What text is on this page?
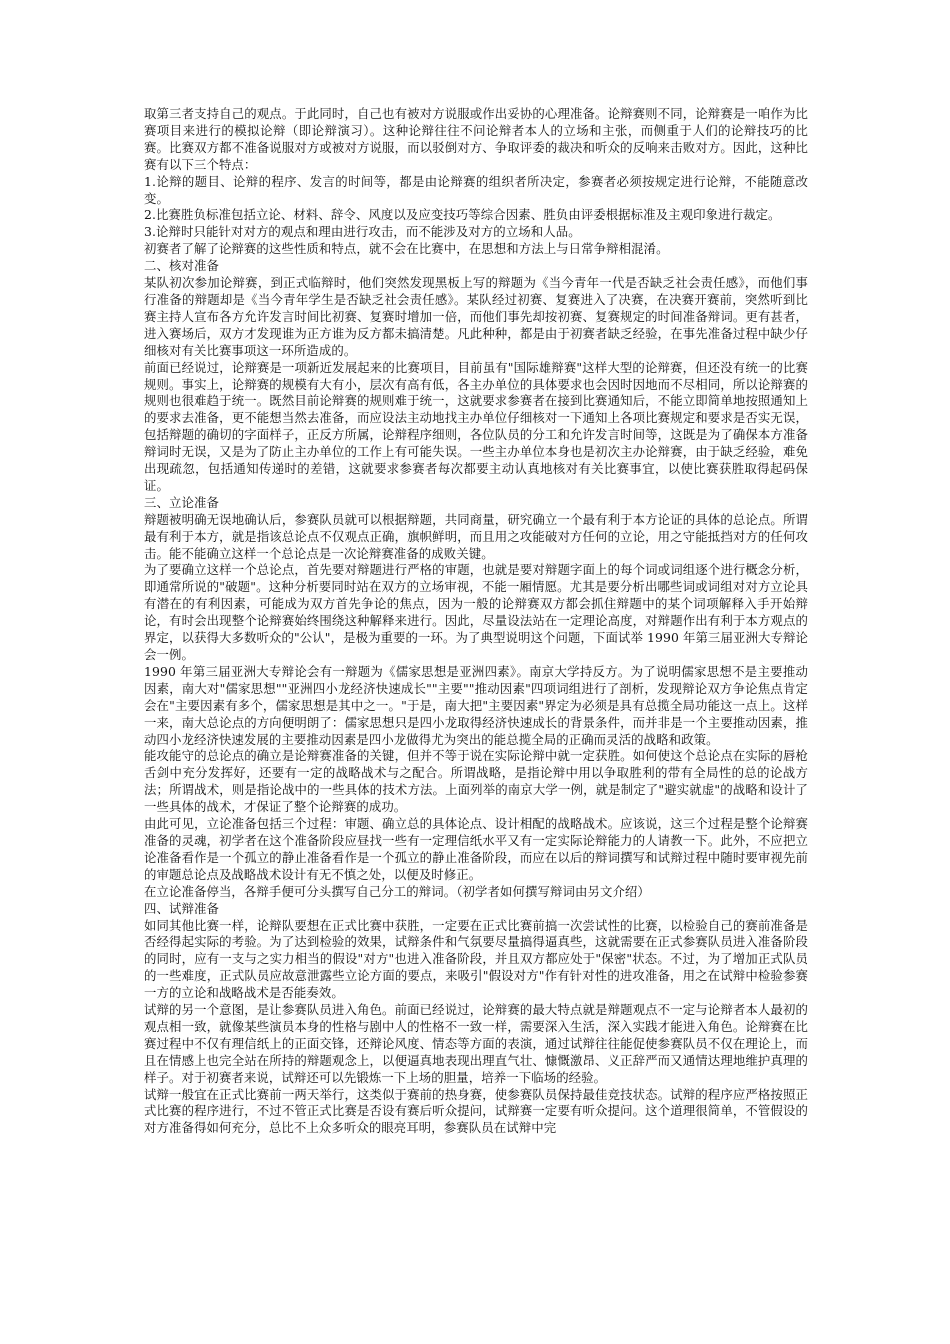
取第三者支持自己的观点。于此同时，自己也有被对方说服或作出妥协的心理准备。论辩赛则不同，论辩赛是一咱作为比赛项目来进行的模拟论辩（即论辩演习）。这种论辩往往不问论辩者本人的立场和主张，而侧重于人们的论辩技巧的比赛。比赛双方都不准备说服对方或被对方说服，而以驳倒对方、争取评委的裁决和听众的反响来击败对方。因此，这种比赛有以下三个特点：

1.论辩的题目、论辩的程序、发言的时间等，都是由论辩赛的组织者所决定，参赛者必须按规定进行论辩，不能随意改变。

2.比赛胜负标准包括立论、材料、辞令、风度以及应变技巧等综合因素、胜负由评委根据标准及主观印象进行裁定。

3.论辩时只能针对对方的观点和理由进行攻击，而不能涉及对方的立场和人品。

初赛者了解了论辩赛的这些性质和特点，就不会在比赛中，在思想和方法上与日常争辩相混淆。

二、核对准备

某队初次参加论辩赛，到正式临辩时，他们突然发现黑板上写的辩题为《当今青年一代是否缺乏社会责任感》，而他们事行准备的辩题却是《当今青年学生是否缺乏社会责任感》。某队经过初赛、复赛进入了决赛，在决赛开赛前，突然听到比赛主持人宣布各方允许发言时间比初赛、复赛时增加一倍，而他们事先却按初赛、复赛规定的时间准备辩词。更有甚者，进入赛场后，双方才发现谁为正方谁为反方都未搞清楚。凡此种种，都是由于初赛者缺乏经验，在事先准备过程中缺少仔细核对有关比赛事项这一环所造成的。

前面已经说过，论辩赛是一项新近发展起来的比赛项目，目前虽有"国际雄辩赛"这样大型的论辩赛，但还没有统一的比赛规则。事实上，论辩赛的规模有大有小，层次有高有低，各主办单位的具体要求也会因时因地而不尽相同，所以论辩赛的规则也很难趋于统一。既然目前论辩赛的规则难于统一，这就要求参赛者在接到比赛通知后，不能立即简单地按照通知上的要求去准备，更不能想当然去准备，而应设法主动地找主办单位仔细核对一下通知上各项比赛规定和要求是否实无误，包括辩题的确切的字面样子，正反方所属，论辩程序细则，各位队员的分工和允许发言时间等，这既是为了确保本方准备辩词时无误，又是为了防止主办单位的工作上有可能失误。一些主办单位本身也是初次主办论辩赛，由于缺乏经验，难免出现疏忽，包括通知传递时的差错，这就要求参赛者每次都要主动认真地核对有关比赛事宜，以使比赛获胜取得起码保证。

三、立论准备

辩题被明确无误地确认后，参赛队员就可以根据辩题，共同商量，研究确立一个最有利于本方论证的具体的总论点。所谓最有利于本方，就是指该总论点不仅观点正确，旗帜鲜明，而且用之攻能破对方任何的立论，用之守能抵挡对方的任何攻击。能不能确立这样一个总论点是一次论辩赛准备的成败关键。

为了要确立这样一个总论点，首先要对辩题进行严格的审题，也就是要对辩题字面上的每个词或词组逐个进行概念分析，即通常所说的"破题"。这种分析要同时站在双方的立场审视，不能一厢情愿。尤其是要分析出哪些词或词组对对方立论具有潜在的有利因素，可能成为双方首先争论的焦点，因为一般的论辩赛双方都会抓住辩题中的某个词项解释入手开始辩论，有时会出现整个论辩赛始终围绕这种解释来进行。因此，尽量设法站在一定理论高度，对辩题作出有利于本方观点的界定，以获得大多数听众的"公认"，是极为重要的一环。为了典型说明这个问题，下面试举 1990 年第三届亚洲大专辩论会一例。

1990 年第三届亚洲大专辩论会有一辩题为《儒家思想是亚洲四素》。南京大学持反方。为了说明儒家思想不是主要推动因素，南大对"儒家思想""亚洲四小龙经济快速成长""主要""推动因素"四项词组进行了剖析，发现辩论双方争论焦点肯定会在"主要因素有多个，儒家思想是其中之一。"于是，南大把"主要因素"界定为必须是具有总揽全局功能这一点上。这样一来，南大总论点的方向便明朗了：儒家思想只是四小龙取得经济快速成长的背景条件，而并非是一个主要推动因素，推动四小龙经济快速发展的主要推动因素是四小龙做得尤为突出的能总揽全局的正确而灵活的战略和政策。

能攻能守的总论点的确立是论辩赛准备的关键，但并不等于说在实际论辩中就一定获胜。如何使这个总论点在实际的唇枪舌剑中充分发挥好，还要有一定的战略战术与之配合。所谓战略，是指论辩中用以争取胜利的带有全局性的总的论战方法；所谓战术，则是指论战中的一些具体的技术方法。上面列举的南京大学一例，就是制定了"避实就虚"的战略和设计了一些具体的战术，才保证了整个论辩赛的成功。

由此可见，立论准备包括三个过程：审题、确立总的具体论点、设计相配的战略战术。应该说，这三个过程是整个论辩赛准备的灵魂，初学者在这个准备阶段应昼找一些有一定理信纸水平又有一定实际论辩能力的人请教一下。此外，不应把立论准备看作是一个孤立的静止准备看作是一个孤立的静止准备阶段，而应在以后的辩词撰写和试辩过程中随时要审视先前的审题总论点及战略战术设计有无不慎之处，以便及时修正。

在立论准备停当，各辩手便可分头撰写自己分工的辩词。（初学者如何撰写辩词由另文介绍）

四、试辩准备

如同其他比赛一样，论辩队要想在正式比赛中获胜，一定要在正式比赛前搞一次尝试性的比赛，以检验自己的赛前准备是否经得起实际的考验。为了达到检验的效果，试辩条件和气氛要尽量搞得逼真些，这就需要在正式参赛队员进入准备阶段的同时，应有一支与之实力相当的假设"对方"也进入准备阶段，并且双方都应处于"保密"状态。不过，为了增加正式队员的一些难度，正式队员应故意泄露些立论方面的要点，来吸引"假设对方"作有针对性的进攻准备，用之在试辩中检验参赛一方的立论和战略战术是否能奏效。

试辩的另一个意图，是让参赛队员进入角色。前面已经说过，论辩赛的最大特点就是辩题观点不一定与论辩者本人最初的观点相一致，就像某些演员本身的性格与剧中人的性格不一致一样，需要深入生活，深入实践才能进入角色。论辩赛在比赛过程中不仅有理信纸上的正面交锋，还辩论风度、情态等方面的表演，通过试辩往往能促使参赛队员不仅在理论上，而且在情感上也完全站在所持的辩题观念上，以便逼真地表现出理直气壮、慷慨激昂、义正辞严而又通情达理地维护真理的样子。对于初赛者来说，试辩还可以先锻炼一下上场的胆量，培养一下临场的经验。

试辩一般宜在正式比赛前一两天举行，这类似于赛前的热身赛，使参赛队员保持最佳竞技状态。试辩的程序应严格按照正式比赛的程序进行，不过不管正式比赛是否设有赛后听众提问，试辩赛一定要有听众提问。这个道理很简单，不管假设的对方准备得如何充分，总比不上众多听众的眼亮耳明，参赛队员在试辩中完
